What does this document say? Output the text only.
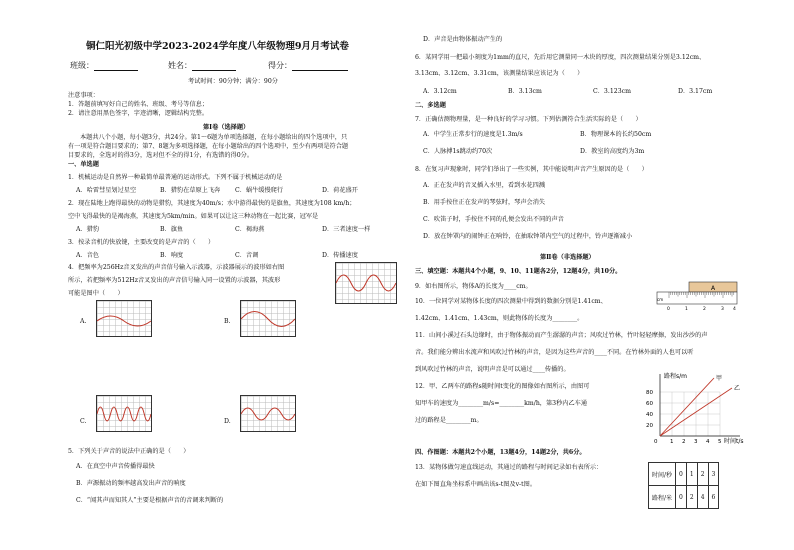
铜仁阳光初级中学2023-2024学年度八年级物理9月月考试卷
班级：	姓名：	得分：
考试时间：90分钟；满分：90分
注意事项：
1．答题前填写好自己的姓名、班级、考号等信息；
2．请注意用黑色签字，字迹清晰，逻辑结构完整。
第Ⅰ卷（选择题）
本题共八个小题，每小题3分，共24分。第1～6题为单项选择题，在每小题给出的四个选项中，只
有一项是符合题目要求的；第7、8题为多项选择题，在每小题给出的四个选项中，至少有两项是符合题
目要求的，全选对的得3分，选对但不全的得1分，有选错的得0分。
一、单选题
1．机械运动是自然界一种最简单最普通的运动形式。下列不属于机械运动的是
A．哈雷彗星划过星空	B．猎豹在草原上飞奔 C．蜗牛缓慢爬行	D．荷花盛开
2．现在陆地上跑得最快的动物是猎豹，其速度为40m/s；水中游得最快的是旗鱼，其速度为108 km/h；
空中飞得最快的是褐海燕，其速度为5km/min。如果可以让这三种动物在一起比赛，冠军是
A．猎豹	B．旗鱼	C．褐海燕	D．三者速度一样
3．按录音机的快放键，主要改变的是声音的（　　）
A．音色	B．响度	C．音调	D．传播速度
4．把频率为256Hz音叉发出的声音信号输入示波器，示波器展示的波形如右图
所示，若把频率为512Hz音叉发出的声音信号输入同一设置的示波器，其波形
可能是图中（　　）
A.	B.
C.	D.
5．下列关于声音的说法中正确的是（　　）
A．在真空中声音传播得最快
B．声源振动的频率越高发出声音的响度
C．“闻其声而知其人”主要是根据声音的音调来判断的
D．声音是由物体振动产生的
6．某同学用一把最小刻度为1mm的直尺，先后用它测量同一木块的厚度，四次测量结果分别是3.12cm、
3.13cm、3.12cm、3.31cm，该测量结果应该记为（　　）
A．3.12cm	B．3.13cm	C．3.123cm	D．3.17cm
二、多选题
7．正确估测物理量，是一种良好的学习习惯。下列估测符合生活实际的是（　　）
A．中学生正常步行的速度是1.3m/s	B．物理课本的长约50cm
C．人脉搏1s跳动约70次	D．教室的高度约为3m
8．在复习声现象时，同学们举出了一些实例，其中能说明声音产生原因的是（　　）
A．正在发声的音叉插入水里，看到水花四溅
B．用手按住正在发声的琴弦时，琴声会消失
C．吹笛子时，手按住不同的孔便会发出不同的声音
D．放在钟罩内的闹钟正在响铃，在抽取钟罩内空气的过程中，铃声逐渐减小
第Ⅱ卷（非选择题）
三、填空题：本题共4个小题，9、10、11题各2分，12题4分，共10分。
9．如右图所示，物体A的长度为____cm。	A
cm
0	1	2	3 4
10．一位同学对某物体长度的四次测量中得到的数据分别是1.41cm、
1.42cm、1.41cm、1.43cm，则此物体的长度为________。
11．山间小溪过石头边缘时，由于物体振动而产生潺潺的声音；风吹过竹林，竹叶轻轻摩擦，发出沙沙的声
音。我们能分辨出水流声和风吹过竹林的声音，是因为这些声音的____不同。在竹林外面的人也可以听
到风吹过竹林的声音，说明声音是可以通过____传播的。
12．甲、乙两车的路程s随时间t变化的图像如右图所示，由图可
知甲车的速度为________m/s=________km/h，第3秒内乙车通
过的路程是________m。
路程s/m
时间t/s
80
60
40
20
0 1 2 3 4 5
甲
乙
四、作图题：本题共2个小题，13题4分，14题2分，共6分。
13．某物体做匀速直线运动，其通过的路程与时间记录如右表所示：
在如下图直角坐标系中画出该s-t图及v-t图。
时间/秒	0	1	2	3
路程/米	0	2	4	6
